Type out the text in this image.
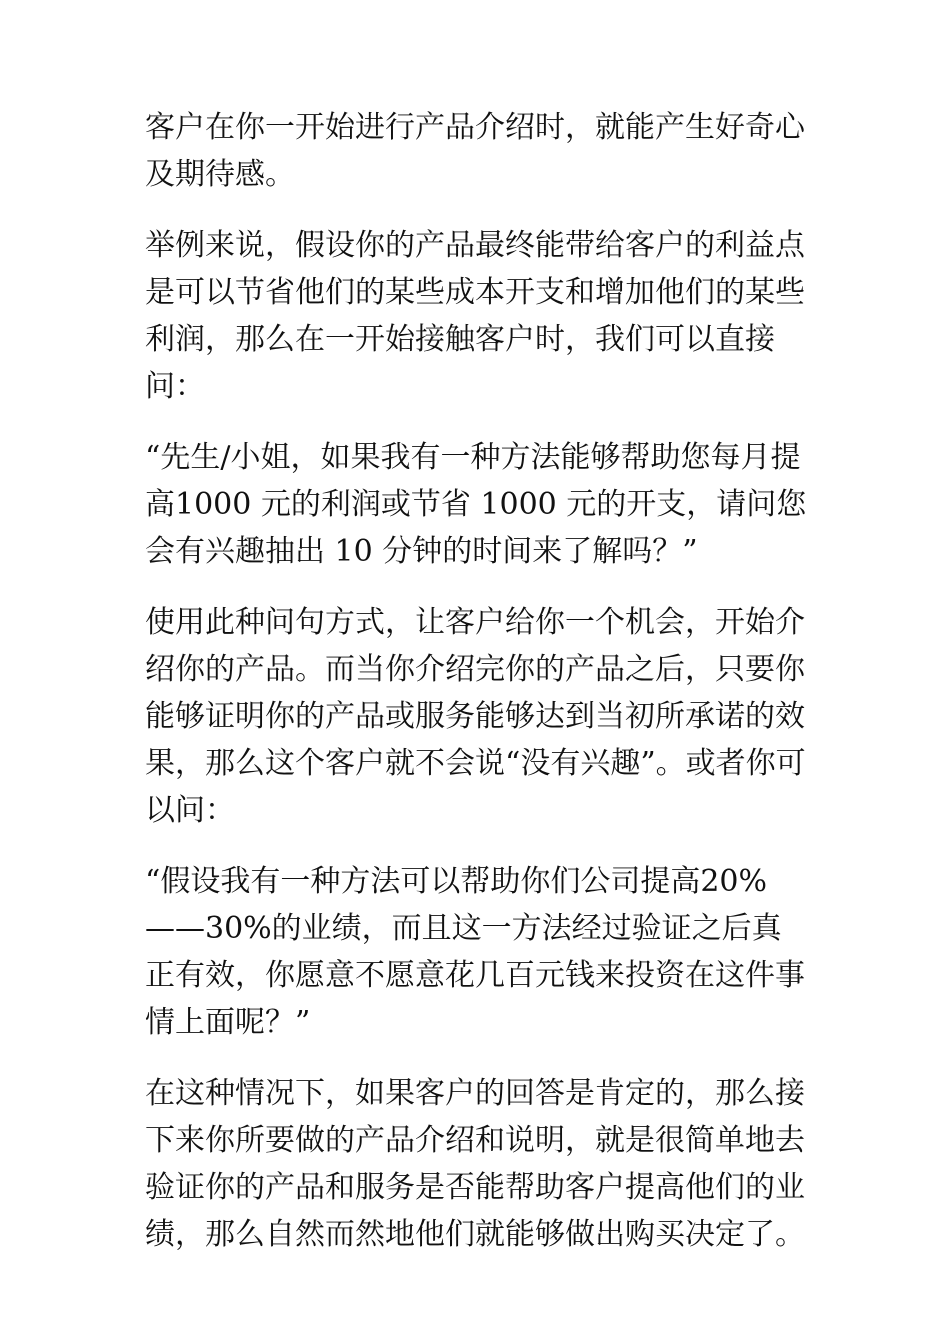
客户在你一开始进行产品介绍时，就能产生好奇心及期待感。

举例来说，假设你的产品最终能带给客户的利益点是可以节省他们的某些成本开支和增加他们的某些利润，那么在一开始接触客户时，我们可以直接问：

“先生/小姐，如果我有一种方法能够帮助您每月提高1000 元的利润或节省 1000 元的开支，请问您会有兴趣抽出 10 分钟的时间来了解吗？”

使用此种问句方式，让客户给你一个机会，开始介绍你的产品。而当你介绍完你的产品之后，只要你能够证明你的产品或服务能够达到当初所承诺的效果，那么这个客户就不会说“没有兴趣”。或者你可以问：

“假设我有一种方法可以帮助你们公司提高20%——30%的业绩，而且这一方法经过验证之后真正有效，你愿意不愿意花几百元钱来投资在这件事情上面呢？”

在这种情况下，如果客户的回答是肯定的，那么接下来你所要做的产品介绍和说明，就是很简单地去验证你的产品和服务是否能帮助客户提高他们的业绩，那么自然而然地他们就能够做出购买决定了。
